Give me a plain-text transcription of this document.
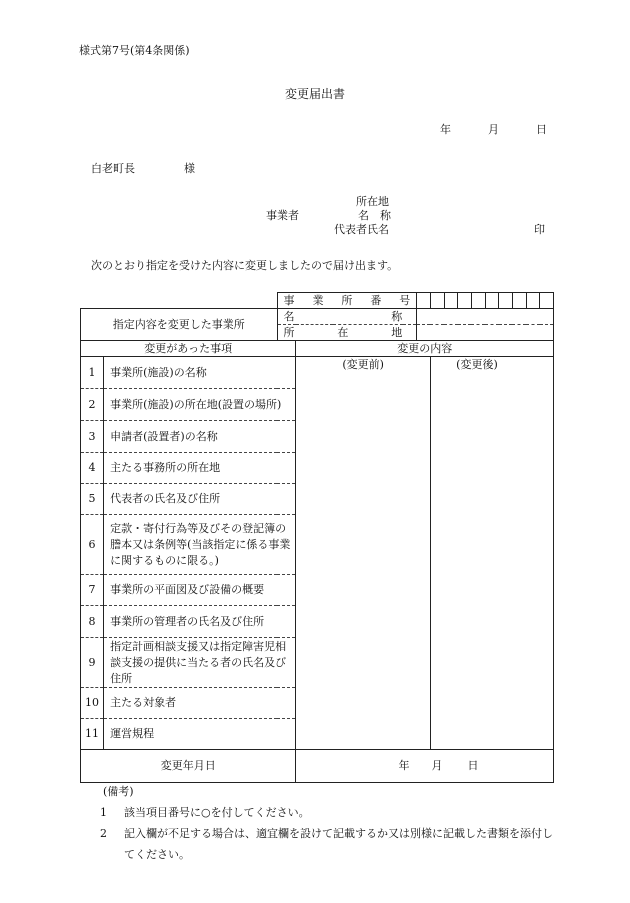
様式第7号(第4条関係)
変更届出書
年	月	日
白老町長	様
所在地
事業者	名　称
代表者氏名	印
次のとおり指定を受けた内容に変更しましたので届け出ます。

		事 業 所 番 号											

指定内容を変更した事業所		名 称											

		所 在 地											

変更があった事項			変更の内容										
1	事業所(施設)の名称		(変更前)		(変更後)								

2	事業所(施設)の所在地(設置の場所)												
3	申請者(設置者)の名称												
4	主たる事務所の所在地												
5	代表者の氏名及び住所												
6	定款・寄付行為等及びその登記簿の謄本又は条例等(当該指定に係る事業に関するものに限る。)												
7	事業所の平面図及び設備の概要												
8	事業所の管理者の氏名及び住所												
9	指定計画相談支援又は指定障害児相談支援の提供に当たる者の氏名及び住所												
10	主たる対象者												
11	運営規程												
変更年月日			年 月 日										
(備考)
1	該当項目番号に○を付してください。
2	記入欄が不足する場合は、適宜欄を設けて記載するか又は別様に記載した書類を添付してください。
